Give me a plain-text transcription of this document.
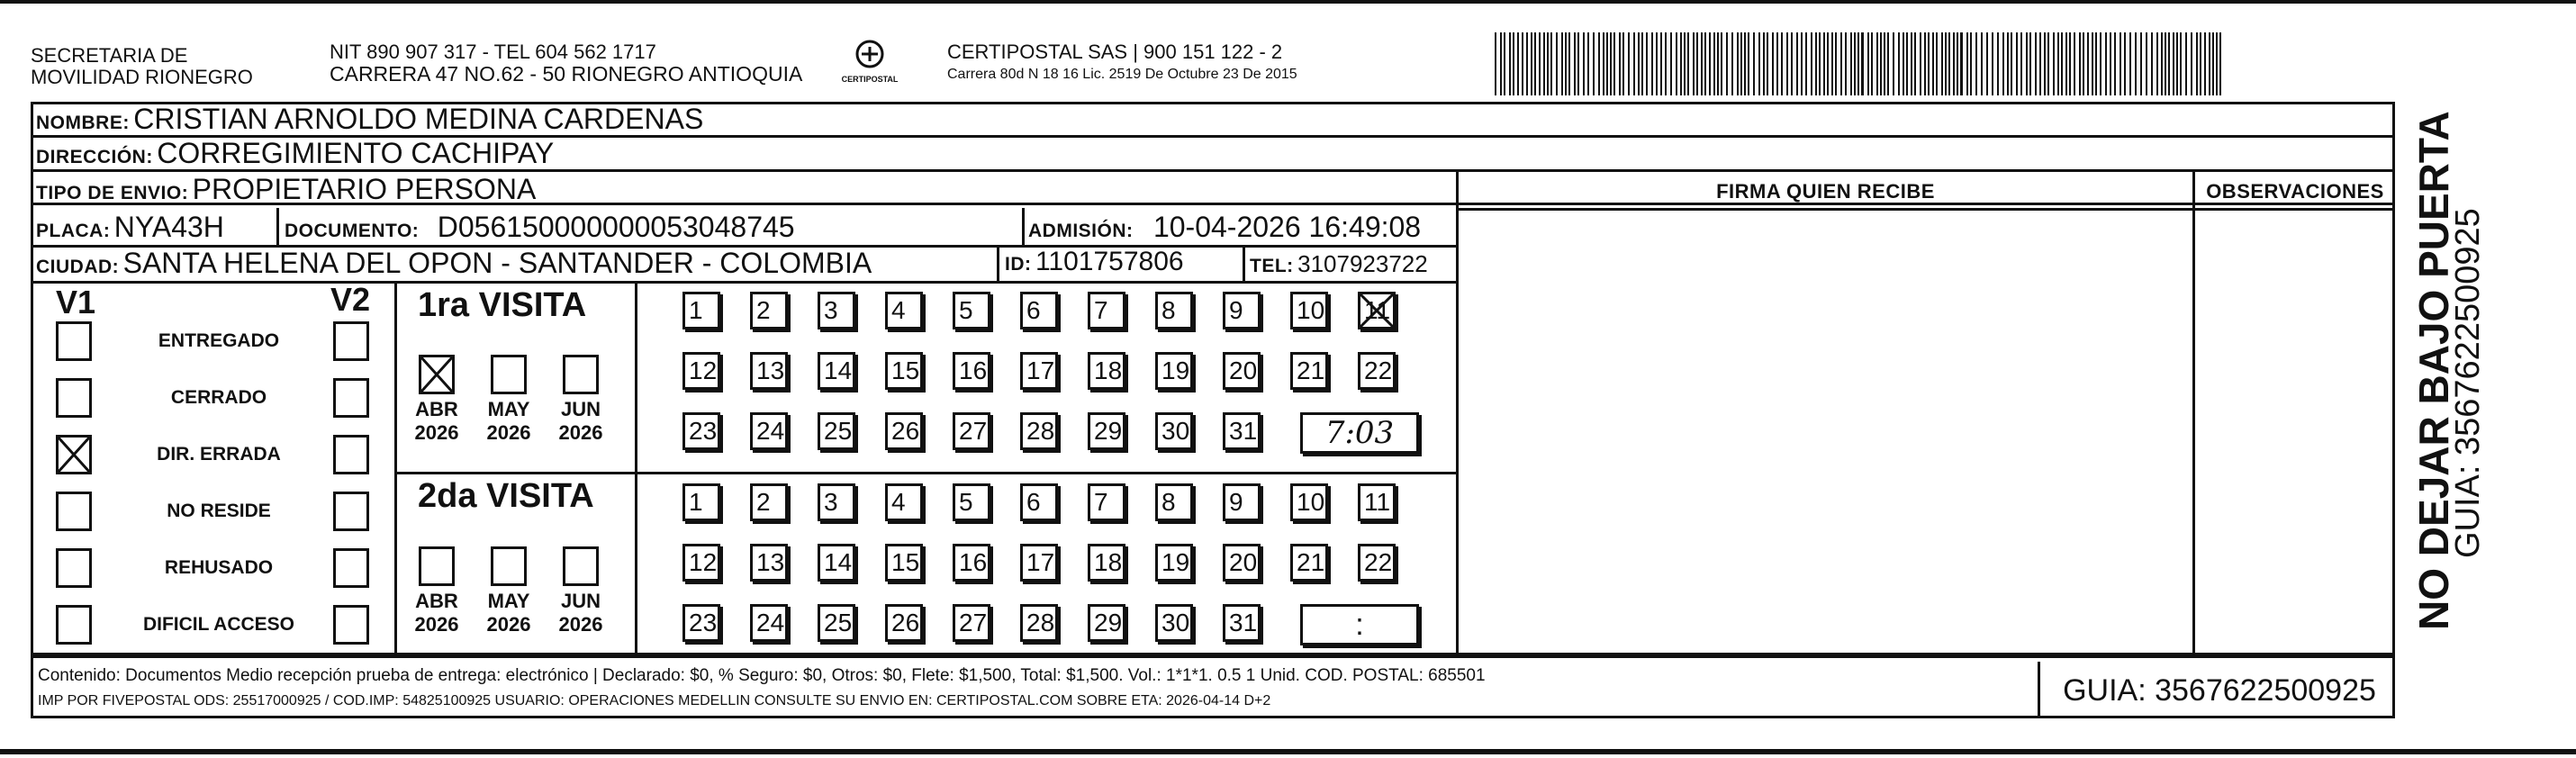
SECRETARIA DE
MOVILIDAD RIONEGRO
NIT 890 907 317 - TEL 604 562 1717
CARRERA 47 NO.62 - 50 RIONEGRO ANTIOQUIA	CERTIPOSTAL
CERTIPOSTAL SAS | 900 151 122 - 2
Carrera 80d N 18 16 Lic. 2519 De Octubre 23 De 2015
NOMBRE: CRISTIAN ARNOLDO MEDINA CARDENAS
DIRECCIÓN: CORREGIMIENTO CACHIPAY
TIPO DE ENVIO: PROPIETARIO PERSONA
PLACA: NYA43H	DOCUMENTO: D056150000000053048745	ADMISIÓN: 10-04-2026 16:49:08
CIUDAD: SANTA HELENA DEL OPON - SANTANDER - COLOMBIA	ID: 1101757806	TEL: 3107923722
FIRMA QUIEN RECIBE	OBSERVACIONES
V1	V2 1ra VISITA
2da VISITA
Contenido: Documentos Medio recepción prueba de entrega: electrónico | Declarado: $0, % Seguro: $0, Otros: $0, Flete: $1,500, Total: $1,500. Vol.: 1*1*1. 0.5 1 Unid. COD. POSTAL: 685501
IMP POR FIVEPOSTAL ODS: 25517000925 / COD.IMP: 54825100925 USUARIO: OPERACIONES MEDELLIN CONSULTE SU ENVIO EN: CERTIPOSTAL.COM SOBRE ETA: 2026-04-14 D+2	GUIA: 3567622500925
NO DEJAR BAJO PUERTA
GUIA: 3567622500925
ENTREGADO
CERRADO
DIR. ERRADA
NO RESIDE
REHUSADO
DIFICIL ACCESO
ABR
2026
MAY
2026
JUN
2026
1	2	3	4	5	6	7	8	9	10 11
12 13 14 15 16 17 18 19 20 21 22
23 24 25 26 27 28 29 30 31	7:03
ABR
2026
MAY
2026
JUN
2026
1	2	3	4	5	6	7	8	9	10 11
12 13 14 15 16 17 18 19 20 21 22
23 24 25 26 27 28 29 30 31	:
